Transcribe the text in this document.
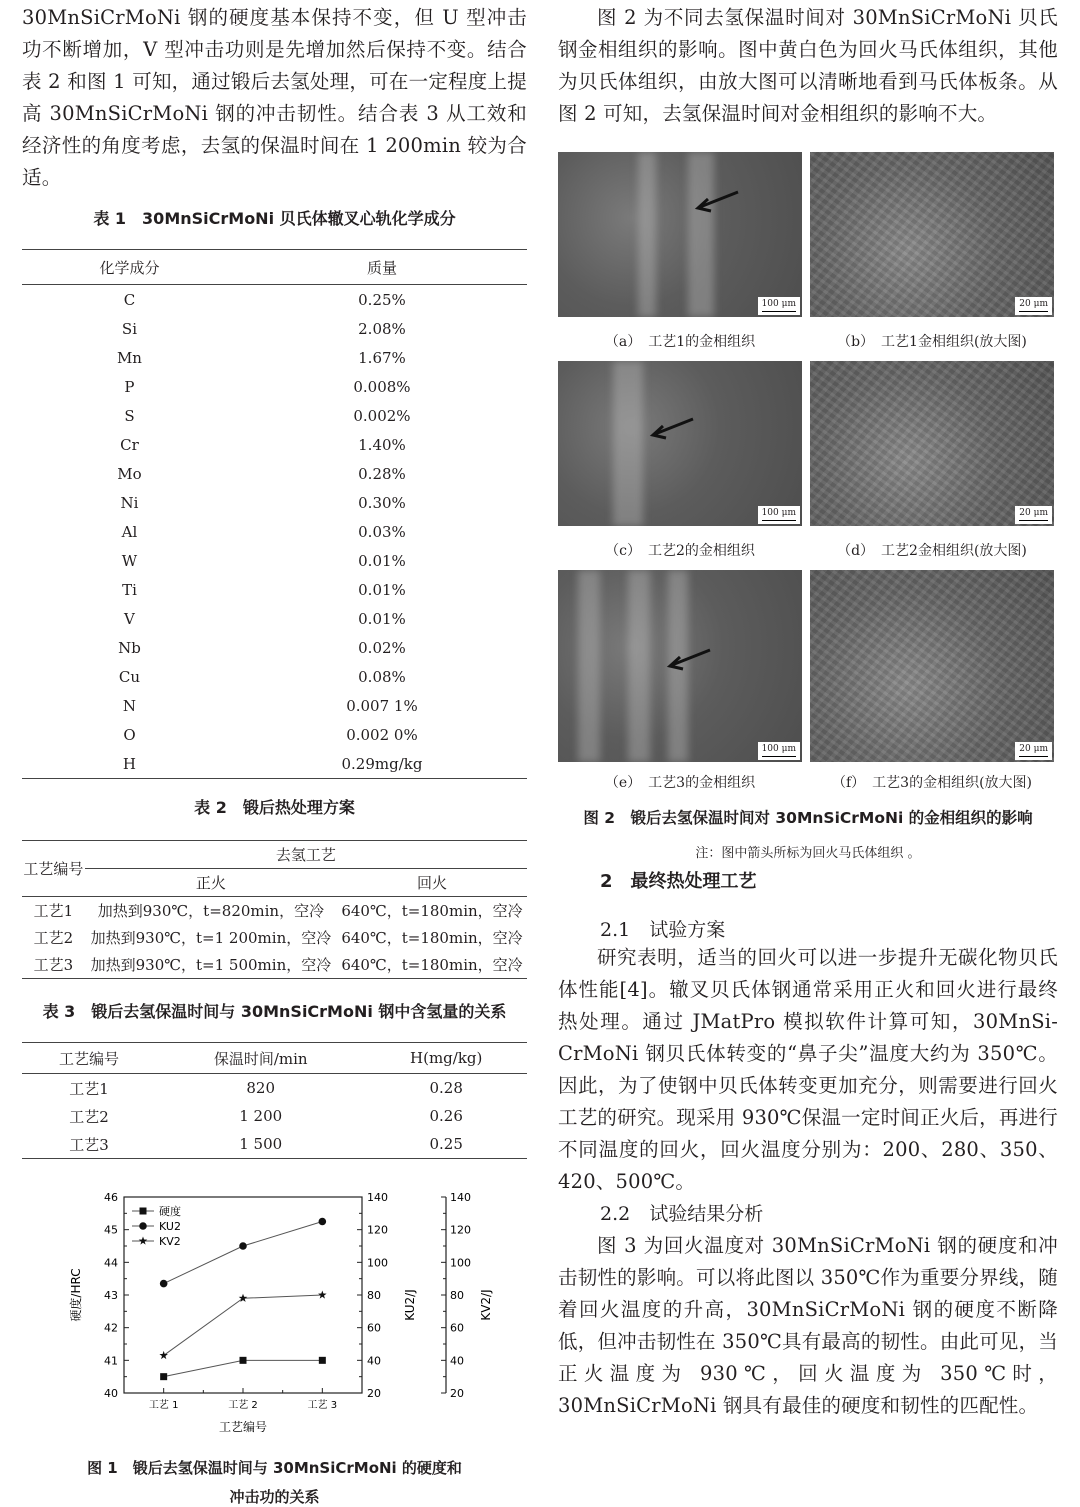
30MnSiCrMoNi 钢的硬度基本保持不变，但 U 型冲击功不断增加，V 型冲击功则是先增加然后保持不变。结合表 2 和图 1 可知，通过锻后去氢处理，可在一定程度上提高 30MnSiCrMoNi 钢的冲击韧性。结合表 3 从工效和经济性的角度考虑，去氢的保温时间在 1 200min 较为合适。

表 1　30MnSiCrMoNi 贝氏体辙叉心轨化学成分
化学成分	质量
C	0.25%
Si	2.08%
Mn	1.67%
P	0.008%
S	0.002%
Cr	1.40%
Mo	0.28%
Ni	0.30%
Al	0.03%
W	0.01%
Ti	0.01%
V	0.01%
Nb	0.02%
Cu	0.08%
N	0.007 1%
O	0.002 0%
H	0.29mg/kg
表 2　锻后热处理方案
工艺编号	去氢工艺	
	正火	回火
工艺1	加热到930℃，t=820min，空冷	640℃，t=180min，空冷
工艺2	加热到930℃，t=1 200min，空冷	640℃，t=180min，空冷
工艺3	加热到930℃，t=1 500min，空冷	640℃，t=180min，空冷
表 3　锻后去氢保温时间与 30MnSiCrMoNi 钢中含氢量的关系
工艺编号	保温时间/min	H(mg/kg)
工艺1	820	0.28
工艺2	1 200	0.26
工艺3	1 500	0.25
40
41
42
43
44
45
46
20
40
60
80
100
120
140
20
40
60
80
100
120
140
工艺 1	工艺 2	工艺 3
工艺编号
硬度/HRC	KU2/J	KV2/J
硬度
KU2
KV2
图 1　锻后去氢保温时间与 30MnSiCrMoNi 的硬度和
冲击功的关系

图 2 为不同去氢保温时间对 30MnSiCrMoNi 贝氏钢金相组织的影响。图中黄白色为回火马氏体组织，其他为贝氏体组织，由放大图可以清晰地看到马氏体板条。从图 2 可知，去氢保温时间对金相组织的影响不大。

100 μm	20 μm
（a）　工艺1的金相组织	（b）　工艺1金相组织(放大图)
100 μm	20 μm
（c）　工艺2的金相组织	（d）　工艺2金相组织(放大图)
100 μm	20 μm
（e）　工艺3的金相组织	（f）　工艺3的金相组织(放大图)
图 2　锻后去氢保温时间对 30MnSiCrMoNi 的金相组织的影响
注：图中箭头所标为回火马氏体组织 。

2　最终热处理工艺

2.1　试验方案

研究表明，适当的回火可以进一步提升无碳化物贝氏体性能[4]。辙叉贝氏体钢通常采用正火和回火进行最终热处理。通过 JMatPro 模拟软件计算可知，30MnSi-CrMoNi 钢贝氏体转变的“鼻子尖”温度大约为 350℃。因此，为了使钢中贝氏体转变更加充分，则需要进行回火工艺的研究。现采用 930℃保温一定时间正火后，再进行不同温度的回火，回火温度分别为：200、280、350、420、500℃。

2.2　试验结果分析

图 3 为回火温度对 30MnSiCrMoNi 钢的硬度和冲击韧性的影响。可以将此图以 350℃作为重要分界线，随着回火温度的升高，30MnSiCrMoNi 钢的硬度不断降低，但冲击韧性在 350℃具有最高的韧性。由此可见，当正火温度为 930℃，回火温度为 350℃时，30MnSiCrMoNi 钢具有最佳的硬度和韧性的匹配性。
